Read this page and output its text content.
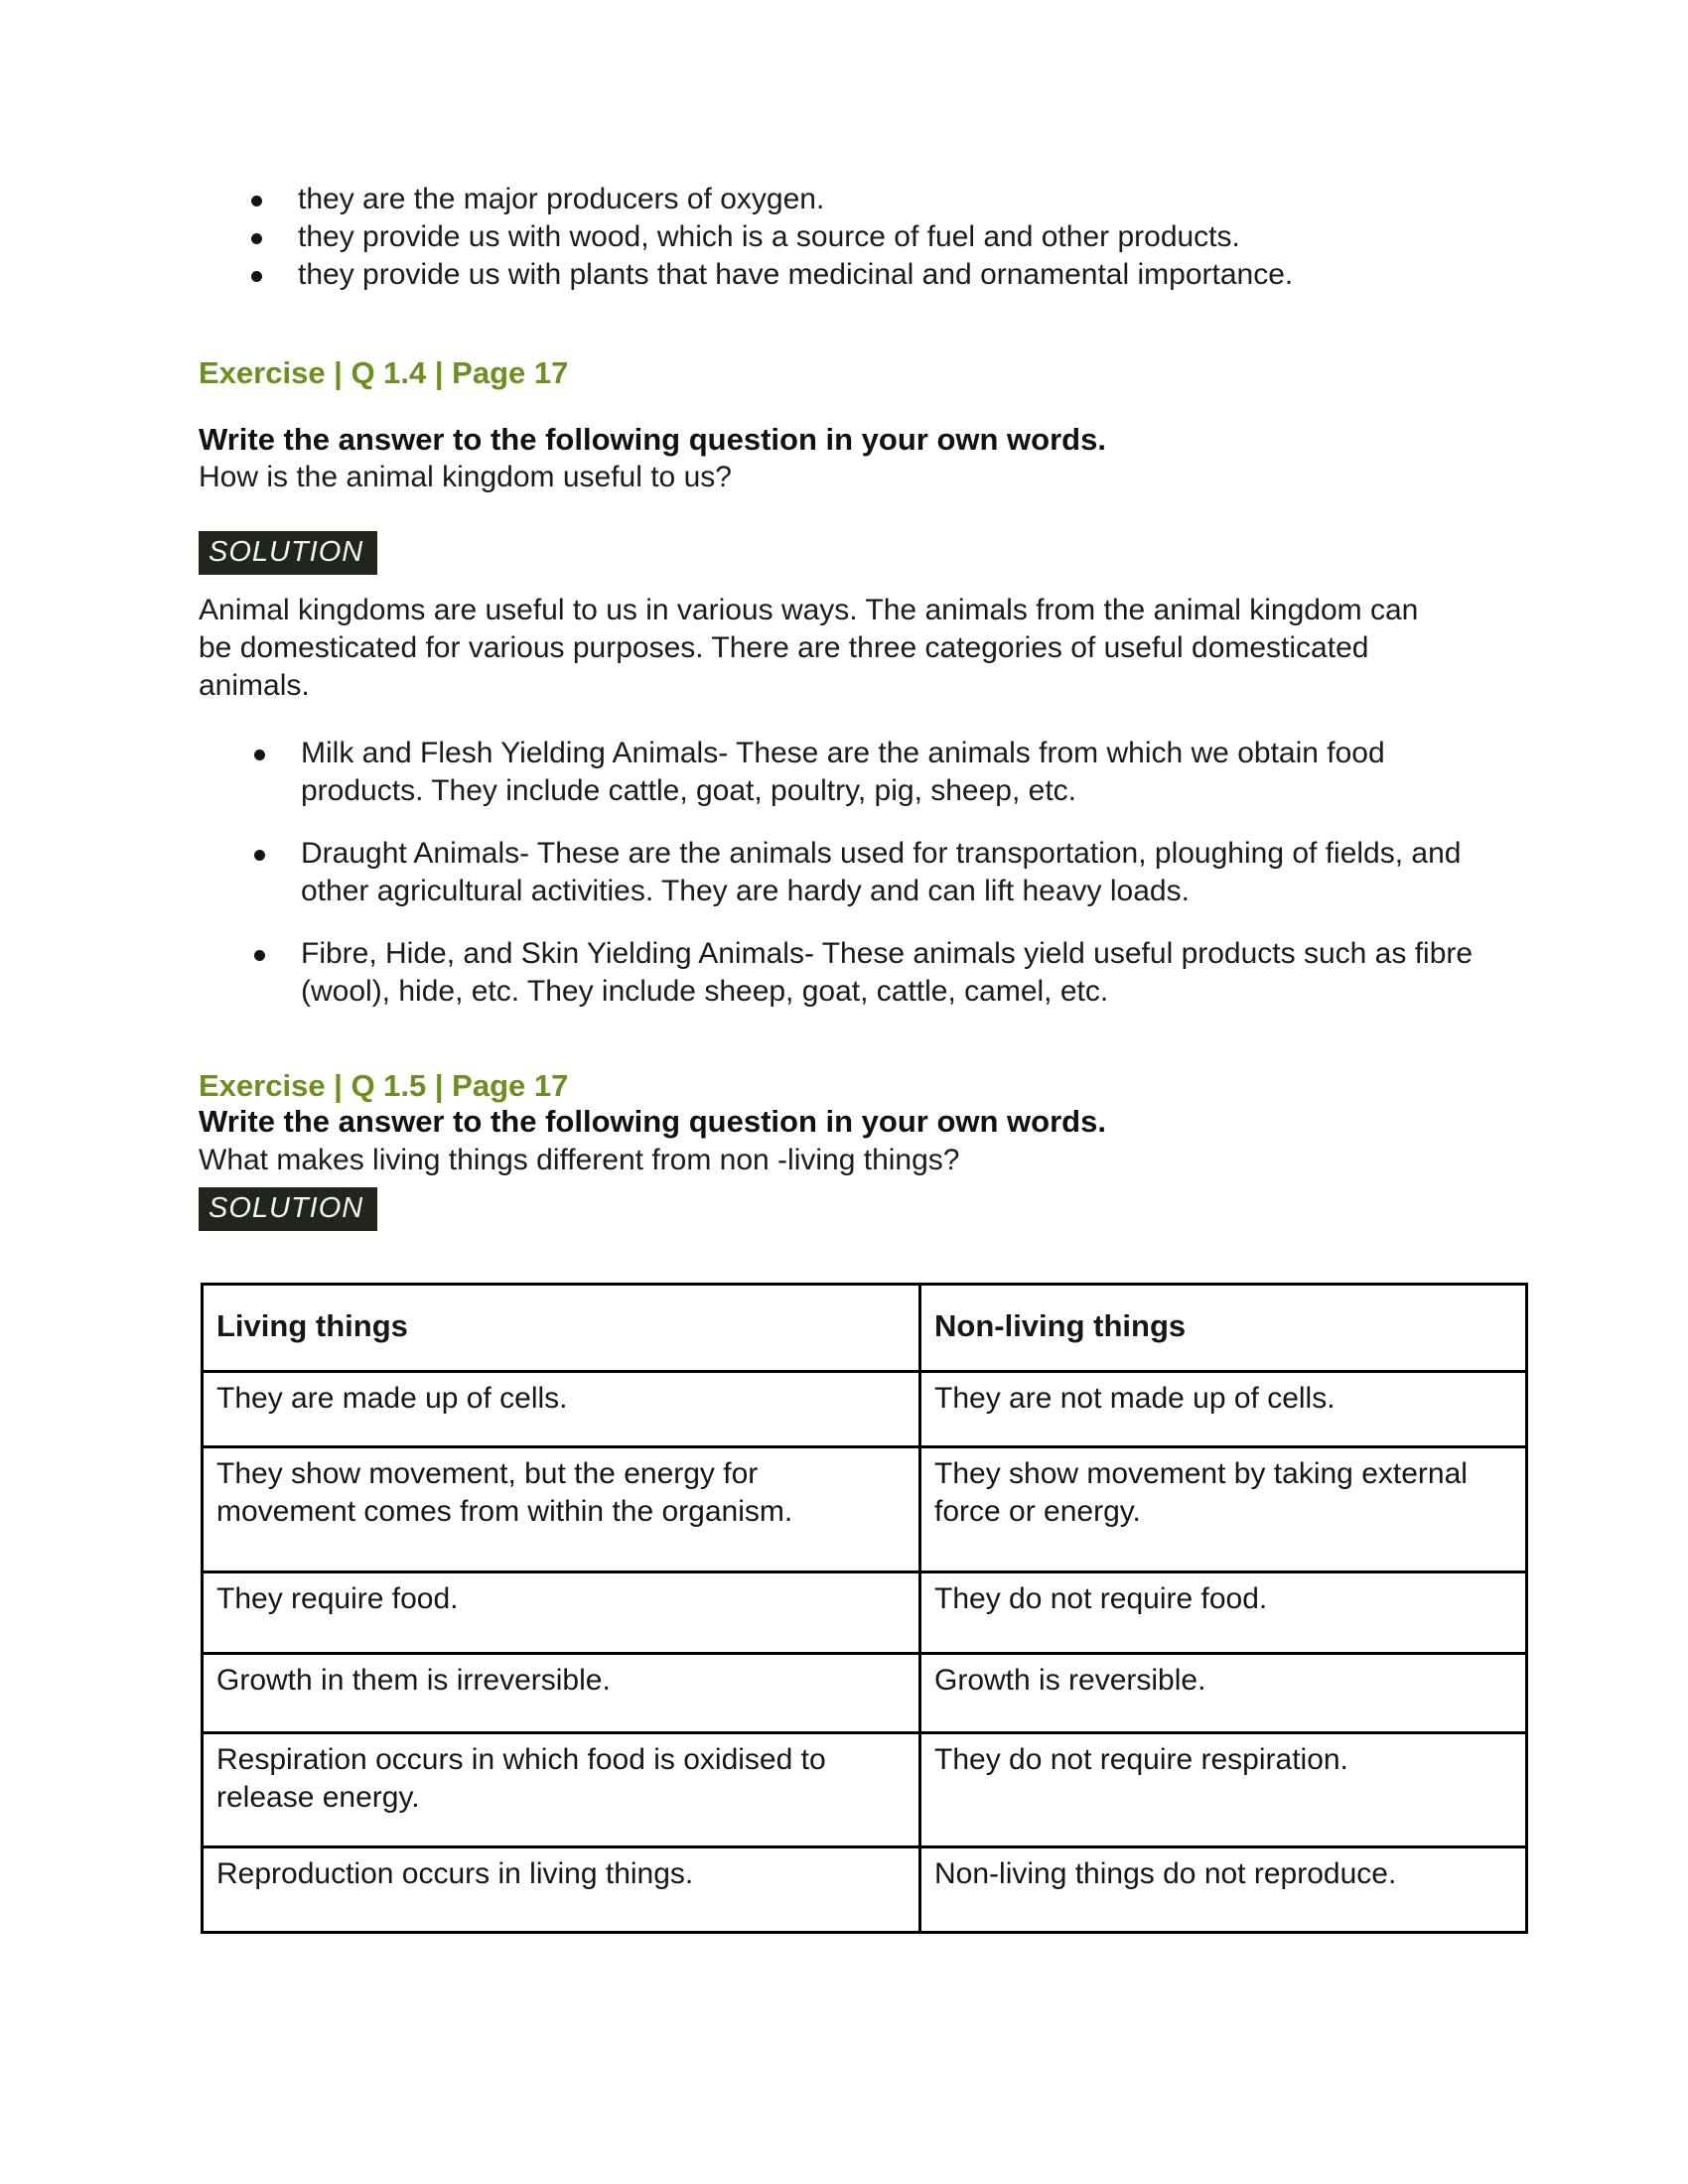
they are the major producers of oxygen.
they provide us with wood, which is a source of fuel and other products.
they provide us with plants that have medicinal and ornamental importance.
Exercise | Q 1.4 | Page 17
Write the answer to the following question in your own words.
How is the animal kingdom useful to us?
SOLUTION
Animal kingdoms are useful to us in various ways. The animals from the animal kingdom can be domesticated for various purposes. There are three categories of useful domesticated animals.
Milk and Flesh Yielding Animals- These are the animals from which we obtain food products. They include cattle, goat, poultry, pig, sheep, etc.
Draught Animals- These are the animals used for transportation, ploughing of fields, and other agricultural activities. They are hardy and can lift heavy loads.
Fibre, Hide, and Skin Yielding Animals- These animals yield useful products such as fibre (wool), hide, etc. They include sheep, goat, cattle, camel, etc.
Exercise | Q 1.5 | Page 17
Write the answer to the following question in your own words.
What makes living things different from non -living things?
SOLUTION
Living things	Non-living things
They are made up of cells.	They are not made up of cells.
They show movement, but the energy for movement comes from within the organism.	They show movement by taking external force or energy.
They require food.	They do not require food.
Growth in them is irreversible.	Growth is reversible.
Respiration occurs in which food is oxidised to release energy.	They do not require respiration.
Reproduction occurs in living things.	Non-living things do not reproduce.
